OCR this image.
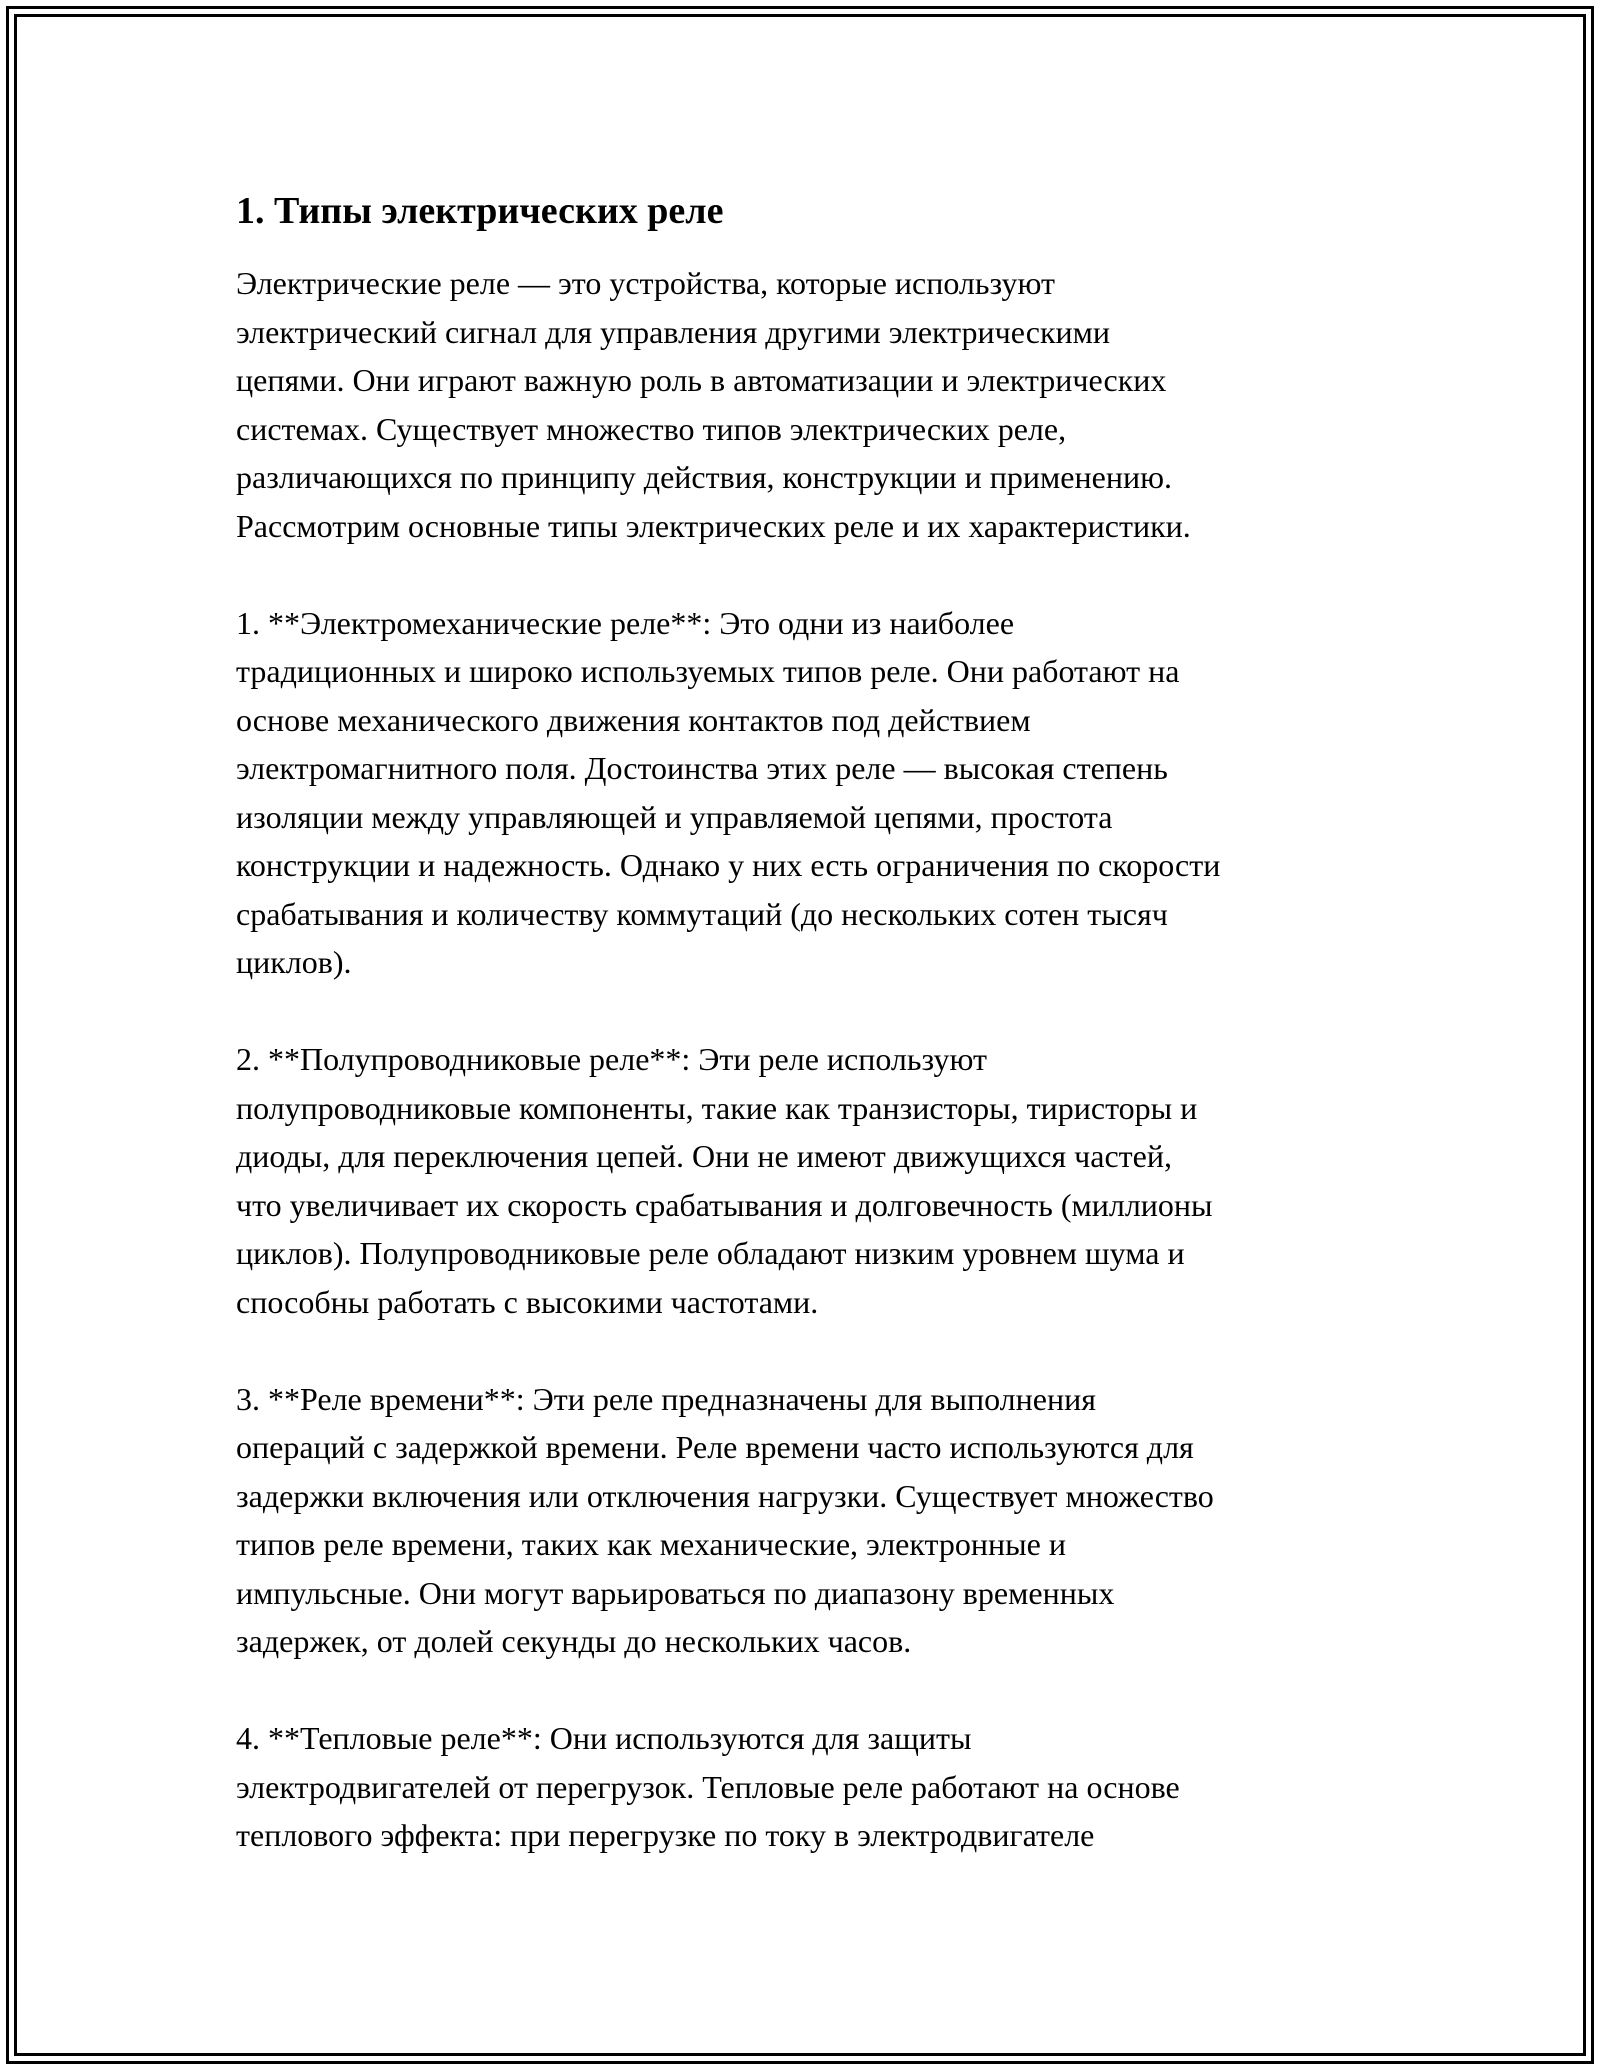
1. Типы электрических реле

Электрические реле — это устройства, которые используют
электрический сигнал для управления другими электрическими
цепями. Они играют важную роль в автоматизации и электрических
системах. Существует множество типов электрических реле,
различающихся по принципу действия, конструкции и применению.
Рассмотрим основные типы электрических реле и их характеристики.

1. **Электромеханические реле**: Это одни из наиболее
традиционных и широко используемых типов реле. Они работают на
основе механического движения контактов под действием
электромагнитного поля. Достоинства этих реле — высокая степень
изоляции между управляющей и управляемой цепями, простота
конструкции и надежность. Однако у них есть ограничения по скорости
срабатывания и количеству коммутаций (до нескольких сотен тысяч
циклов).

2. **Полупроводниковые реле**: Эти реле используют
полупроводниковые компоненты, такие как транзисторы, тиристоры и
диоды, для переключения цепей. Они не имеют движущихся частей,
что увеличивает их скорость срабатывания и долговечность (миллионы
циклов). Полупроводниковые реле обладают низким уровнем шума и
способны работать с высокими частотами.

3. **Реле времени**: Эти реле предназначены для выполнения
операций с задержкой времени. Реле времени часто используются для
задержки включения или отключения нагрузки. Существует множество
типов реле времени, таких как механические, электронные и
импульсные. Они могут варьироваться по диапазону временных
задержек, от долей секунды до нескольких часов.

4. **Тепловые реле**: Они используются для защиты
электродвигателей от перегрузок. Тепловые реле работают на основе
теплового эффекта: при перегрузке по току в электродвигателе
